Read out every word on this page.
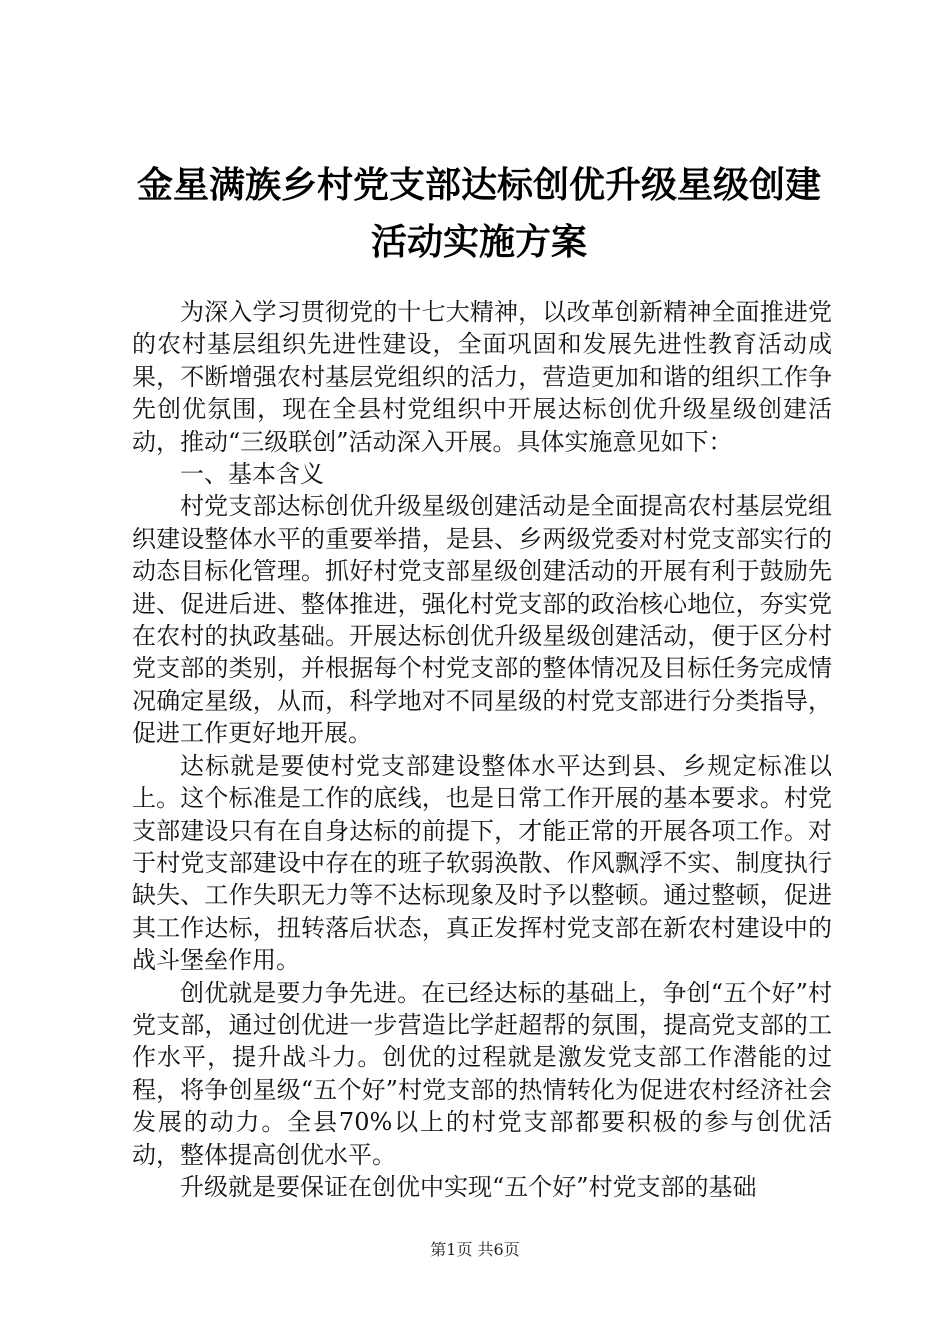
金星满族乡村党支部达标创优升级星级创建活动实施方案

为深入学习贯彻党的十七大精神，以改革创新精神全面推进党的农村基层组织先进性建设，全面巩固和发展先进性教育活动成果，不断增强农村基层党组织的活力，营造更加和谐的组织工作争先创优氛围，现在全县村党组织中开展达标创优升级星级创建活动，推动“三级联创”活动深入开展。具体实施意见如下：

一、基本含义

村党支部达标创优升级星级创建活动是全面提高农村基层党组织建设整体水平的重要举措，是县、乡两级党委对村党支部实行的动态目标化管理。抓好村党支部星级创建活动的开展有利于鼓励先进、促进后进、整体推进，强化村党支部的政治核心地位，夯实党在农村的执政基础。开展达标创优升级星级创建活动，便于区分村党支部的类别，并根据每个村党支部的整体情况及目标任务完成情况确定星级，从而，科学地对不同星级的村党支部进行分类指导，促进工作更好地开展。

达标就是要使村党支部建设整体水平达到县、乡规定标准以上。这个标准是工作的底线，也是日常工作开展的基本要求。村党支部建设只有在自身达标的前提下，才能正常的开展各项工作。对于村党支部建设中存在的班子软弱涣散、作风飘浮不实、制度执行缺失、工作失职无力等不达标现象及时予以整顿。通过整顿，促进其工作达标，扭转落后状态，真正发挥村党支部在新农村建设中的战斗堡垒作用。

创优就是要力争先进。在已经达标的基础上，争创“五个好”村党支部，通过创优进一步营造比学赶超帮的氛围，提高党支部的工作水平，提升战斗力。创优的过程就是激发党支部工作潜能的过程，将争创星级“五个好”村党支部的热情转化为促进农村经济社会发展的动力。全县70%以上的村党支部都要积极的参与创优活动，整体提高创优水平。

升级就是要保证在创优中实现“五个好”村党支部的基础

第1页 共6页
